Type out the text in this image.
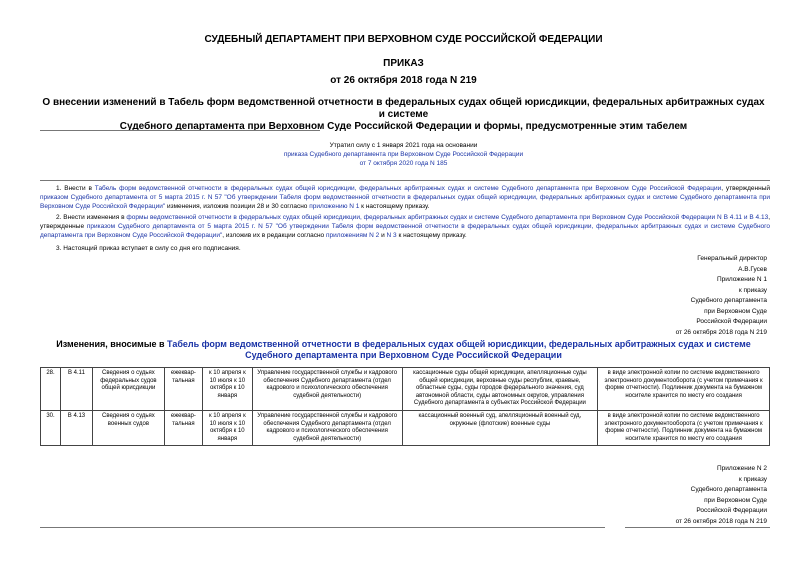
СУДЕБНЫЙ ДЕПАРТАМЕНТ ПРИ ВЕРХОВНОМ СУДЕ РОССИЙСКОЙ ФЕДЕРАЦИИ
ПРИКАЗ
от 26 октября 2018 года N 219
О внесении изменений в Табель форм ведомственной отчетности в федеральных судах общей юрисдикции, федеральных арбитражных судах и системе
Судебного департамента при Верховном Суде Российской Федерации и формы, предусмотренные этим табелем
Утратил силу с 1 января 2021 года на основании
приказа Судебного департамента при Верховном Суде Российской Федерации
от 7 октября 2020 года N 185

1. Внести в Табель форм ведомственной отчетности в федеральных судах общей юрисдикции, федеральных арбитражных судах и системе Судебного департамента при Верховном Суде Российской Федерации, утвержденный приказом Судебного департамента от 5 марта 2015 г. N 57 "Об утверждении Табеля форм ведомственной отчетности в федеральных судах общей юрисдикции, федеральных арбитражных судах и системе Судебного департамента при Верховном Суде Российской Федерации" изменения, изложив позиции 28 и 30 согласно приложению N 1 к настоящему приказу.

2. Внести изменения в формы ведомственной отчетности в федеральных судах общей юрисдикции, федеральных арбитражных судах и системе Судебного департамента при Верховном Суде Российской Федерации N В 4.11 и В 4.13, утвержденные приказом Судебного департамента от 5 марта 2015 г. N 57 "Об утверждении Табеля форм ведомственной отчетности в федеральных судах общей юрисдикции, федеральных арбитражных судах и системе Судебного департамента при Верховном Суде Российской Федерации", изложив их в редакции согласно приложениям N 2 и N 3 к настоящему приказу.

3. Настоящий приказ вступает в силу со дня его подписания.

Генеральный директор
А.В.Гусев
Приложение N 1
к приказу
Судебного департамента
при Верховном Суде
Российской Федерации
от 26 октября 2018 года N 219
Изменения, вносимые в Табель форм ведомственной отчетности в федеральных судах общей юрисдикции, федеральных арбитражных судах и системе Судебного департамента при Верховном Суде Российской Федерации
28.	В 4.11	Сведения о судьях федеральных судов общей юрисдикции	ежеквар-тальная	к 10 апреля к 10 июля к 10 октября к 10 января	Управление государственной службы и кадрового обеспечения Судебного департамента (отдел кадрового и психологического обеспечения судебной деятельности)	кассационные суды общей юрисдикции, апелляционные суды общей юрисдикции, верховные суды республик, краевые, областные суды, суды городов федерального значения, суд автономной области, суды автономных округов, управления Судебного департамента в субъектах Российской Федерации	в виде электронной копии по системе ведомственного электронного документооборота (с учетом примечания к форме отчетности). Подлинник документа на бумажном носителе хранится по месту его создания
30.	В 4.13	Сведения о судьях военных судов	ежеквар-тальная	к 10 апреля к 10 июля к 10 октября к 10 января	Управление государственной службы и кадрового обеспечения Судебного департамента (отдел кадрового и психологического обеспечения судебной деятельности)	кассационный военный суд, апелляционный военный суд, окружные (флотские) военные суды	в виде электронной копии по системе ведомственного электронного документооборота (с учетом примечания к форме отчетности). Подлинник документа на бумажном носителе хранится по месту его создания
Приложение N 2
к приказу
Судебного департамента
при Верховном Суде
Российской Федерации
от 26 октября 2018 года N 219
